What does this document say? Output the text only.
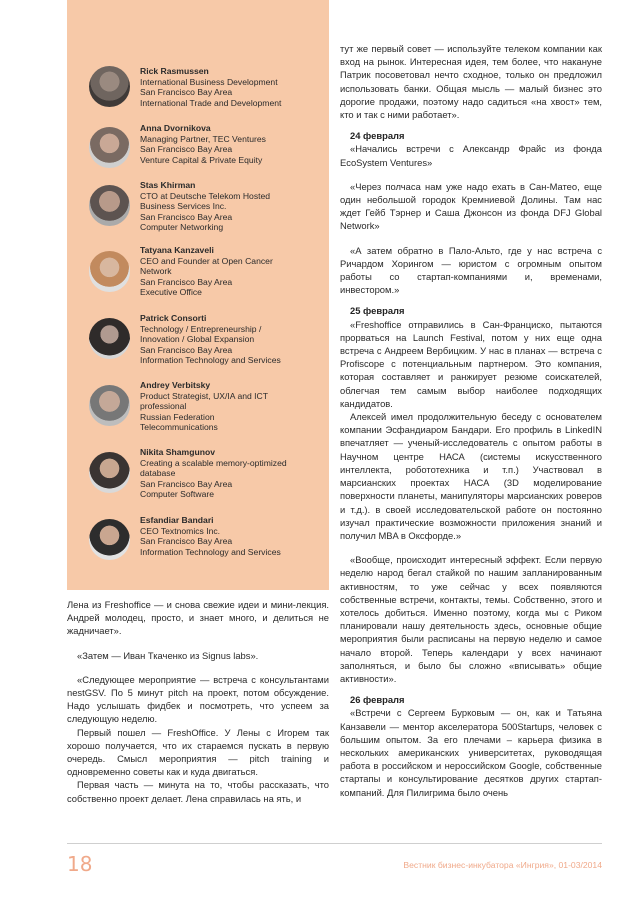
Rick Rasmussen
International Business Development
San Francisco Bay Area
International Trade and Development
Anna Dvornikova
Managing Partner, TEC Ventures
San Francisco Bay Area
Venture Capital & Private Equity
Stas Khirman
CTO at Deutsche Telekom Hosted
Business Services Inc.
San Francisco Bay Area
Computer Networking
Tatyana Kanzaveli
CEO and Founder at Open Cancer
Network
San Francisco Bay Area
Executive Office
Patrick Consorti
Technology / Entrepreneurship /
Innovation / Global Expansion
San Francisco Bay Area
Information Technology and Services
Andrey Verbitsky
Product Strategist, UX/IA and ICT
professional
Russian Federation
Telecommunications
Nikita Shamgunov
Creating a scalable memory-optimized
database
San Francisco Bay Area
Computer Software
Esfandiar Bandari
CEO Textnomics Inc.
San Francisco Bay Area
Information Technology and Services

Лена из Freshoffice — и снова свежие идеи и мини-лекция. Андрей молодец, просто, и знает много, и делиться не жадничает».

«Затем — Иван Ткаченко из Signus labs».

«Следующее мероприятие — встреча с консультантами nestGSV. По 5 минут pitch на проект, потом обсуждение. Надо услышать фидбек и посмотреть, что успеем за следующую неделю.

Первый пошел — FreshOffice. У Лены с Игорем так хорошо получается, что их стараемся пускать в первую очередь. Смысл мероприятия — pitch training и одновременно советы как и куда двигаться.

Первая часть — минута на то, чтобы рассказать, что собственно проект делает. Лена справилась на ять, и

тут же первый совет — используйте телеком компании как вход на рынок. Интересная идея, тем более, что накануне Патрик посоветовал нечто сходное, только он предложил использовать банки. Общая мысль — малый бизнес это дорогие продажи, поэтому надо садиться «на хвост» тем, кто и так с ними работает».

24 февраля

«Начались встречи с Александр Фрайс из фонда EcoSystem Ventures»

«Через полчаса нам уже надо ехать в Сан-Матео, еще один небольшой городок Кремниевой Долины. Там нас ждет Гейб Тэрнер и Саша Джонсон из фонда DFJ Global Network»

«А затем обратно в Пало-Альто, где у нас встреча с Ричардом Хорингом — юристом с огромным опытом работы со стартап-компаниями и, временами, инвестором.»

25 февраля

«Freshoffice отправились в Сан-Франциско, пытаются прорваться на Launch Festival, потом у них еще одна встреча с Андреем Вербицким. У нас в планах — встреча с Profiscope с потенциальным партнером. Это компания, которая составляет и ранжирует резюме соискателей, облегчая тем самым выбор наиболее подходящих кандидатов.

Алексей имел продолжительную беседу с основателем компании Эсфандиаром Бандари. Его профиль в LinkedIN впечатляет — ученый-исследователь с опытом работы в Научном центре НАСА (системы искусственного интеллекта, робототехника и т.п.) Участвовал в марсианских проектах НАСА (3D моделирование поверхности планеты, манипуляторы марсианских роверов и т.д.). в своей исследовательской работе он постоянно изучал практические возможности приложения знаний и получил MBA в Оксфорде.»

«Вообще, происходит интересный эффект. Если первую неделю народ бегал стайкой по нашим запланированным активностям, то уже сейчас у всех появляются собственные встречи, контакты, темы. Собственно, этого и хотелось добиться. Именно поэтому, когда мы с Риком планировали нашу деятельность здесь, основные общие мероприятия были расписаны на первую неделю и самое начало второй. Теперь календари у всех начинают заполняться, и было бы сложно «вписывать» общие активности».

26 февраля

«Встречи с Сергеем Бурковым — он, как и Татьяна Канзавели — ментор акселератора 500Startups, человек с большим опытом. За его плечами – карьера физика в нескольких американских университетах, руководящая работа в российском и нероссийском Google, собственные стартапы и консультирование десятков других стартап-компаний. Для Пилигрима было очень

18	Вестник бизнес-инкубатора «Ингрия», 01-03/2014
